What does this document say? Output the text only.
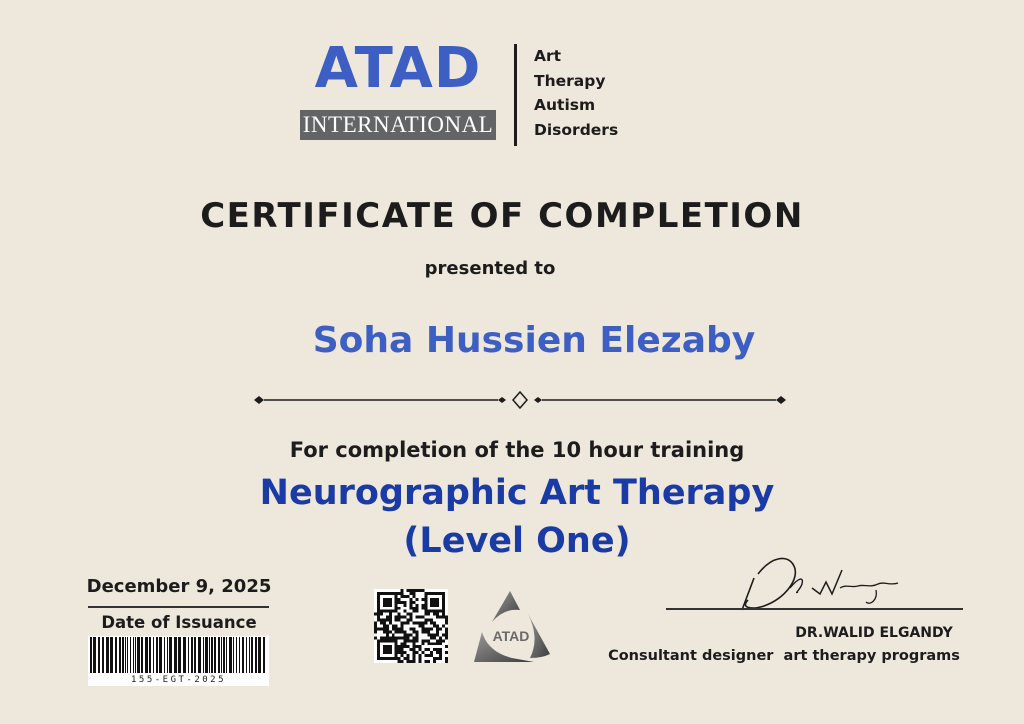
ATAD
INTERNATIONAL
Art
Therapy
Autism
Disorders
CERTIFICATE OF COMPLETION
presented to
Soha Hussien Elezaby
For completion of the 10 hour training
Neurographic Art Therapy
(Level One)
December 9, 2025
Date of Issuance
155-EGT-2025
ATAD	DR.WALID ELGANDY
Consultant designer  art therapy programs
